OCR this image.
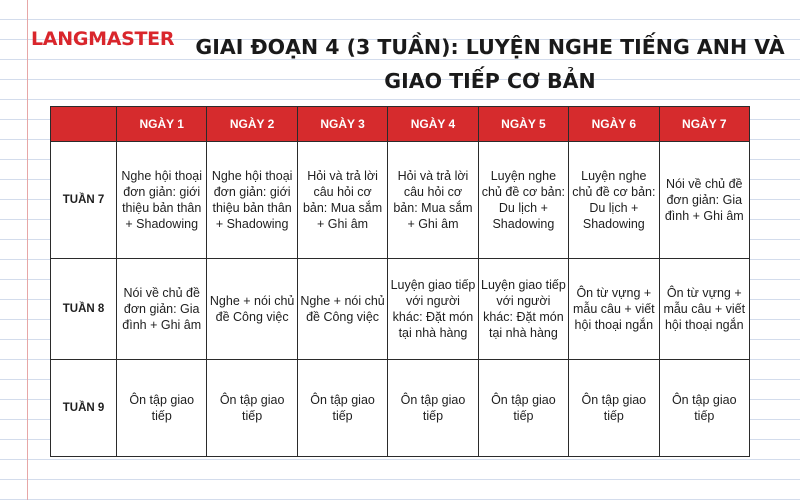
LANGMASTER	GIAI ĐOẠN 4 (3 TUẦN): LUYỆN NGHE TIẾNG ANH VÀ GIAO TIẾP CƠ BẢN
	NGÀY 1	NGÀY 2	NGÀY 3	NGÀY 4	NGÀY 5	NGÀY 6	NGÀY 7
TUẦN 7	Nghe hội thoại đơn giản: giới thiệu bản thân + Shadowing	Nghe hội thoại đơn giản: giới thiệu bản thân + Shadowing	Hỏi và trả lời câu hỏi cơ bản: Mua sắm + Ghi âm	Hỏi và trả lời câu hỏi cơ bản: Mua sắm + Ghi âm	Luyện nghe chủ đề cơ bản: Du lịch + Shadowing	Luyện nghe chủ đề cơ bản: Du lịch + Shadowing	Nói về chủ đề đơn giản: Gia đình + Ghi âm
TUẦN 8	Nói về chủ đề đơn giản: Gia đình + Ghi âm	Nghe + nói chủ đề Công việc	Nghe + nói chủ đề Công việc	Luyện giao tiếp với người khác: Đặt món tại nhà hàng	Luyện giao tiếp với người khác: Đặt món tại nhà hàng	Ôn từ vựng + mẫu câu + viết hội thoại ngắn	Ôn từ vựng + mẫu câu + viết hội thoại ngắn
TUẦN 9	Ôn tập giao tiếp	Ôn tập giao tiếp	Ôn tập giao tiếp	Ôn tập giao tiếp	Ôn tập giao tiếp	Ôn tập giao tiếp	Ôn tập giao tiếp
